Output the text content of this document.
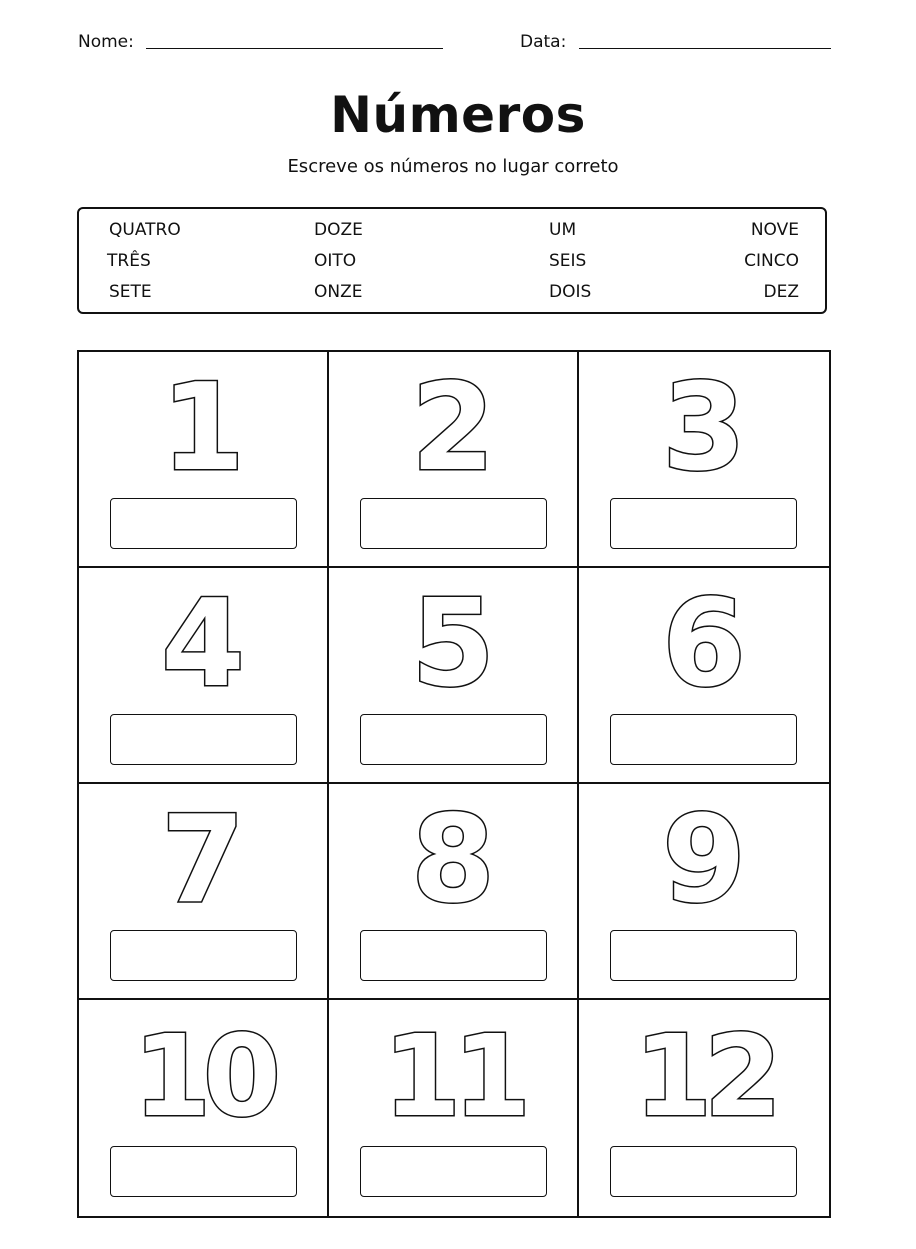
Nome:	Data:
Números
Escreve os números no lugar correto
QUATRO	DOZE	UM	NOVE
TRÊS	OITO	SEIS	CINCO
SETE	ONZE	DOIS	DEZ
1	2	3
4	5	6
7	8	9
10 11 12
